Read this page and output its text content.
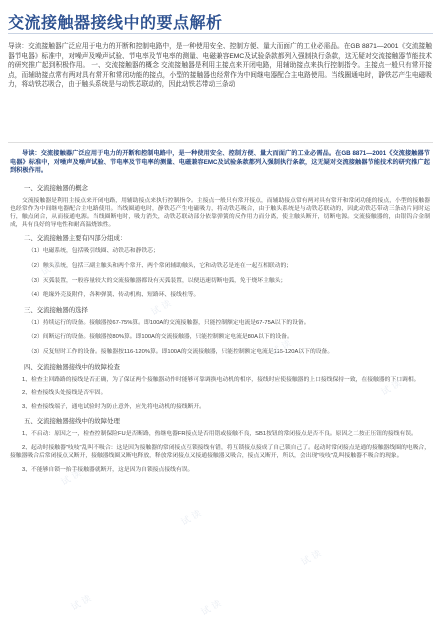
交流接触器接线中的要点解析

导读：交流接触器广泛应用于电力的开断和控制电路中，是一种使用安全、控制方便、量大而面广的工业必需品。在GB 8871—2001《交流接触器节电器》标准中，对噪声及噪声试验、节电率及节电率的测量、电磁兼容EMC及试验条款都列入强制执行条款，这无疑对交流接触器节能技术的研究推广起到积极作用。 一、交流接触器的概念 交流接触器是利用主接点来开闭电路，用辅助接点来执行控制指令。主接点一般只有常开接点，而辅助接点常有两对具有常开和常闭功能的接点，小型的接触器也经常作为中间继电器配合主电路使用。当线圈通电时，静铁芯产生电磁吸力，将动铁芯吸合，由于触头系统是与动铁芯联动的，因此动铁芯带动三条动

导读：交流接触器广泛应用于电力的开断和控制电路中，是一种使用安全、控制方便、量大而面广的工业必需品。在GB 8871—2001《交流接触器节电器》标准中，对噪声及噪声试验、节电率及节电率的测量、电磁兼容EMC及试验条款都列入强制执行条款，这无疑对交流接触器节能技术的研究推广起到积极作用。

一、交流接触器的概念

交流接触器是利用主接点来开闭电路，用辅助接点来执行控制指令。主接点一般只有常开接点，而辅助接点常有两对具有常开和常闭功能的接点，小型的接触器也经常作为中间继电器配合主电路使用。当线圈通电时，静铁芯产生电磁吸力，将动铁芯吸合，由于触头系统是与动铁芯联动的，因此动铁芯带动三条动片同时运行，触点闭合，从而接通电源。当线圈断电时，吸力消失，动铁芯联动部分依靠弹簧的反作用力而分离，使主触头断开，切断电源。交流接触器的，由银钨合金制成，具有良好的导电性和耐高温烧蚀性。

二、交流接触器主要有四部分组成：

（1）电磁系统，包括吸引线圈、动铁芯和静铁芯；

（2）触头系统，包括三副主触头和两个常开、两个常闭辅助触头，它和动铁芯是连在一起互相联动的；

（3）灭弧装置，一般容量较大的交流接触器都设有灭弧装置，以便迅速切断电弧，免于烧坏主触头；

（4）绝缘外壳及附件，各种弹簧、传动机构、短路环、接线柱等。

三、交流接触器的选择

（1）持续运行的设备。接触器按67-75%算。即100A的交流接触器，只能控制额定电流是67-75A以下的设备。

（2）间断运行的设备。接触器按80%算。即100A的交流接触器，只能控制额定电流是80A以下的设备。

（3）反复短时工作的设备。接触器按116-120%算。即100A的交流接触器，只能控制额定电流是116-120A以下的设备。

四、交流接触器接线中的故障检查

1、检查主回路路的接线是否正确，为了保证两个接触器动作时能够可靠调换电动机的相序，接线时应使接触器的上口接线保持一致，在接触器的下口调相。

2、检查接线头处接线是否牢固。

3、检查接线端子，通电试验时为防止意外，应先将电动机的接线断开。

五、交流接触器接线中的故障处理

1、不启动：原因之一，检查控制保险FU是否断路，热继电器FR接点是否用错或接触不良，SB1按钮的常闭接点是否不良。原因之二按正压钮的接线有误。

2、起动时接触器"吱吱"乱叫不吸合：这是因为接触器的常闭接点互锁接线有错，将互锁接点接成了自己锁自己了。起动时常闭接点是通的接触器线圈的电吸合，接触器吸合后常闭接点又断开，接触器线圈又断电释放，释放常闭接点又接通接触器又吸合，接点又断开，所以，会出现"吱吱"乱叫接触器不吸合的现象。

3、不能够自锁一抬手接触器就断开，这是因为自锁接点接线有误。

试读
试读
试读
试读
试读
试读
试读
试读	试读
